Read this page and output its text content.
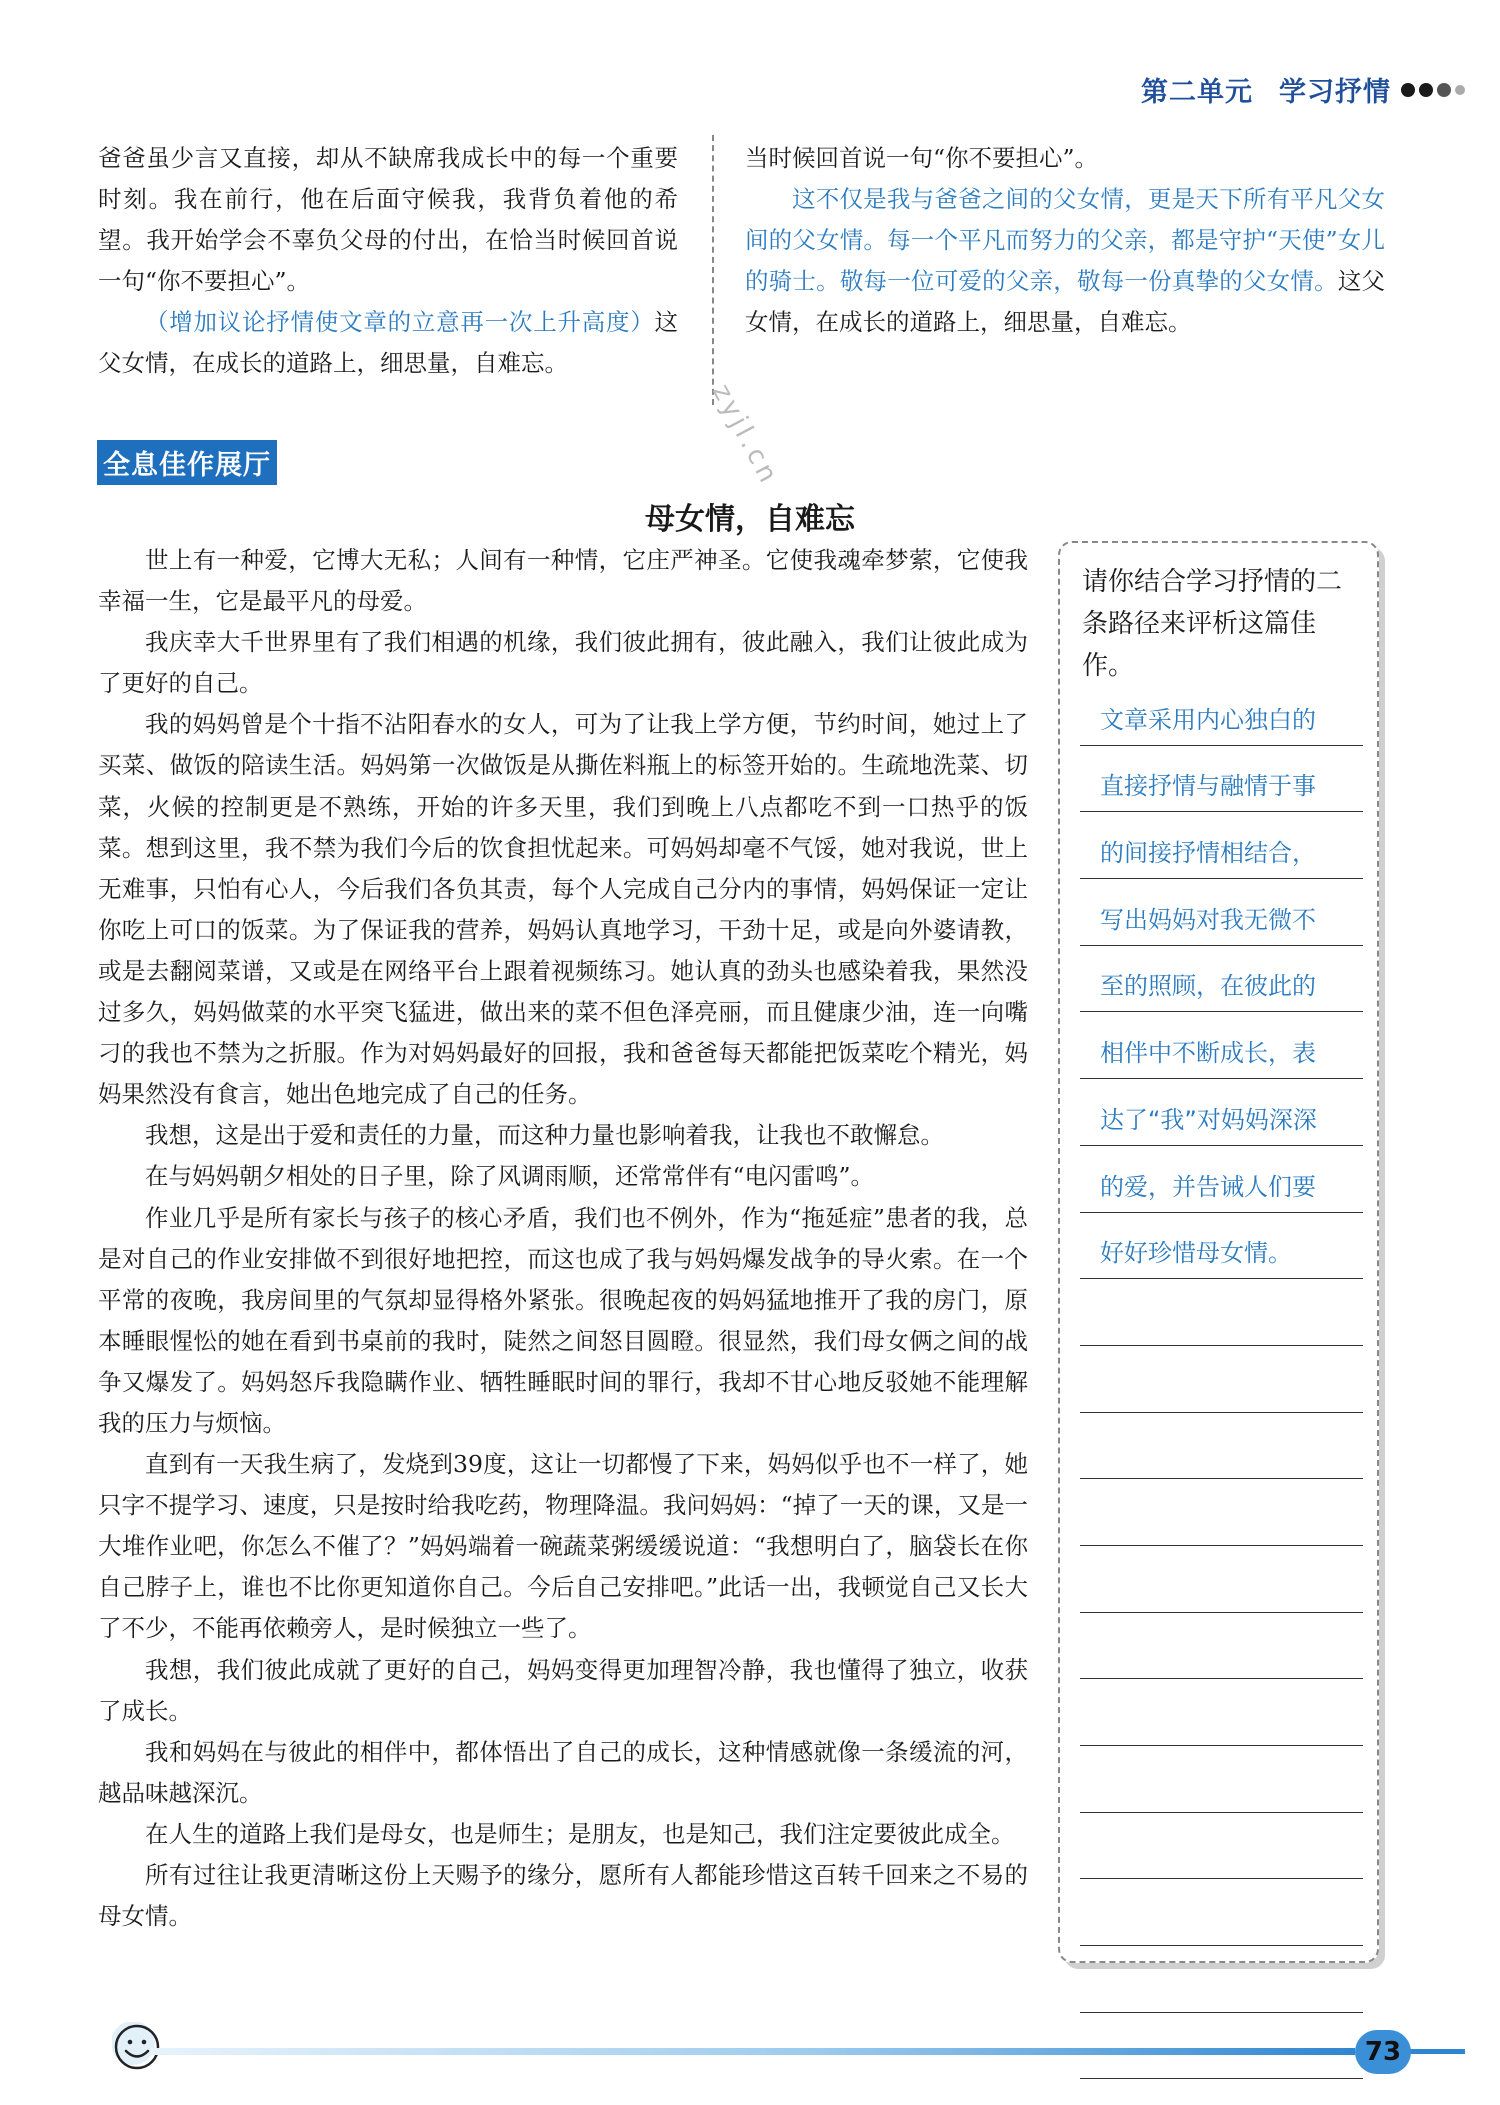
第二单元 学习抒情

爸爸虽少言又直接，却从不缺席我成长中的每一个重要时刻。我在前行，他在后面守候我，我背负着他的希望。我开始学会不辜负父母的付出，在恰当时候回首说一句“你不要担心”。

（增加议论抒情使文章的立意再一次上升高度）这父女情，在成长的道路上，细思量，自难忘。

当时候回首说一句“你不要担心”。

这不仅是我与爸爸之间的父女情，更是天下所有平凡父女间的父女情。每一个平凡而努力的父亲，都是守护“天使”女儿的骑士。敬每一位可爱的父亲，敬每一份真挚的父女情。这父女情，在成长的道路上，细思量，自难忘。

zyjl.cn
全息佳作展厅
母女情，自难忘

世上有一种爱，它博大无私；人间有一种情，它庄严神圣。它使我魂牵梦萦，它使我幸福一生，它是最平凡的母爱。

我庆幸大千世界里有了我们相遇的机缘，我们彼此拥有，彼此融入，我们让彼此成为了更好的自己。

我的妈妈曾是个十指不沾阳春水的女人，可为了让我上学方便，节约时间，她过上了买菜、做饭的陪读生活。妈妈第一次做饭是从撕佐料瓶上的标签开始的。生疏地洗菜、切菜，火候的控制更是不熟练，开始的许多天里，我们到晚上八点都吃不到一口热乎的饭菜。想到这里，我不禁为我们今后的饮食担忧起来。可妈妈却毫不气馁，她对我说，世上无难事，只怕有心人，今后我们各负其责，每个人完成自己分内的事情，妈妈保证一定让你吃上可口的饭菜。为了保证我的营养，妈妈认真地学习，干劲十足，或是向外婆请教，或是去翻阅菜谱，又或是在网络平台上跟着视频练习。她认真的劲头也感染着我，果然没过多久，妈妈做菜的水平突飞猛进，做出来的菜不但色泽亮丽，而且健康少油，连一向嘴刁的我也不禁为之折服。作为对妈妈最好的回报，我和爸爸每天都能把饭菜吃个精光，妈妈果然没有食言，她出色地完成了自己的任务。

我想，这是出于爱和责任的力量，而这种力量也影响着我，让我也不敢懈怠。

在与妈妈朝夕相处的日子里，除了风调雨顺，还常常伴有“电闪雷鸣”。

作业几乎是所有家长与孩子的核心矛盾，我们也不例外，作为“拖延症”患者的我，总是对自己的作业安排做不到很好地把控，而这也成了我与妈妈爆发战争的导火索。在一个平常的夜晚，我房间里的气氛却显得格外紧张。很晚起夜的妈妈猛地推开了我的房门，原本睡眼惺忪的她在看到书桌前的我时，陡然之间怒目圆瞪。很显然，我们母女俩之间的战争又爆发了。妈妈怒斥我隐瞒作业、牺牲睡眠时间的罪行，我却不甘心地反驳她不能理解我的压力与烦恼。

直到有一天我生病了，发烧到39度，这让一切都慢了下来，妈妈似乎也不一样了，她只字不提学习、速度，只是按时给我吃药，物理降温。我问妈妈：“掉了一天的课，又是一大堆作业吧，你怎么不催了？”妈妈端着一碗蔬菜粥缓缓说道：“我想明白了，脑袋长在你自己脖子上，谁也不比你更知道你自己。今后自己安排吧。”此话一出，我顿觉自己又长大了不少，不能再依赖旁人，是时候独立一些了。

我想，我们彼此成就了更好的自己，妈妈变得更加理智冷静，我也懂得了独立，收获了成长。

我和妈妈在与彼此的相伴中，都体悟出了自己的成长，这种情感就像一条缓流的河，越品味越深沉。

在人生的道路上我们是母女，也是师生；是朋友，也是知己，我们注定要彼此成全。

所有过往让我更清晰这份上天赐予的缘分，愿所有人都能珍惜这百转千回来之不易的母女情。

请你结合学习抒情的二条路径来评析这篇佳作。
文章采用内心独白的
直接抒情与融情于事
的间接抒情相结合，
写出妈妈对我无微不
至的照顾，在彼此的
相伴中不断成长，表
达了“我”对妈妈深深
的爱，并告诫人们要
好好珍惜母女情。
73
